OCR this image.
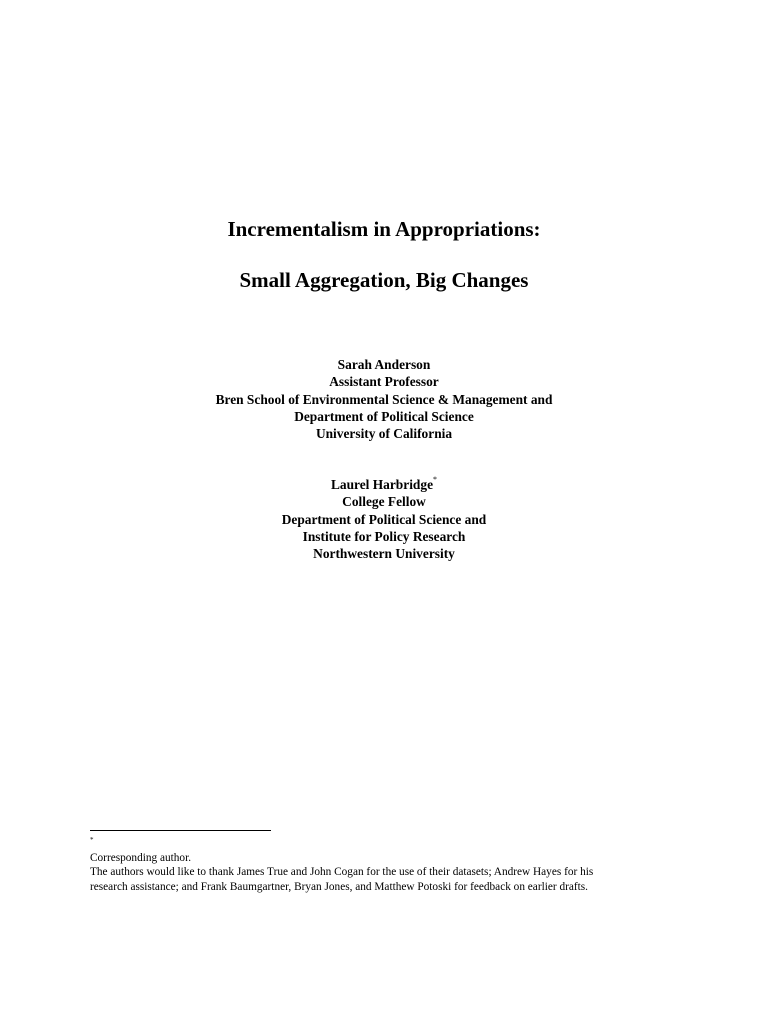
Incrementalism in Appropriations:
Small Aggregation, Big Changes
Sarah Anderson
Assistant Professor
Bren School of Environmental Science & Management and
Department of Political Science
University of California
Laurel Harbridge*
College Fellow
Department of Political Science and
Institute for Policy Research
Northwestern University
*
Corresponding author.
The authors would like to thank James True and John Cogan for the use of their datasets; Andrew Hayes for his
research assistance; and Frank Baumgartner, Bryan Jones, and Matthew Potoski for feedback on earlier drafts.
